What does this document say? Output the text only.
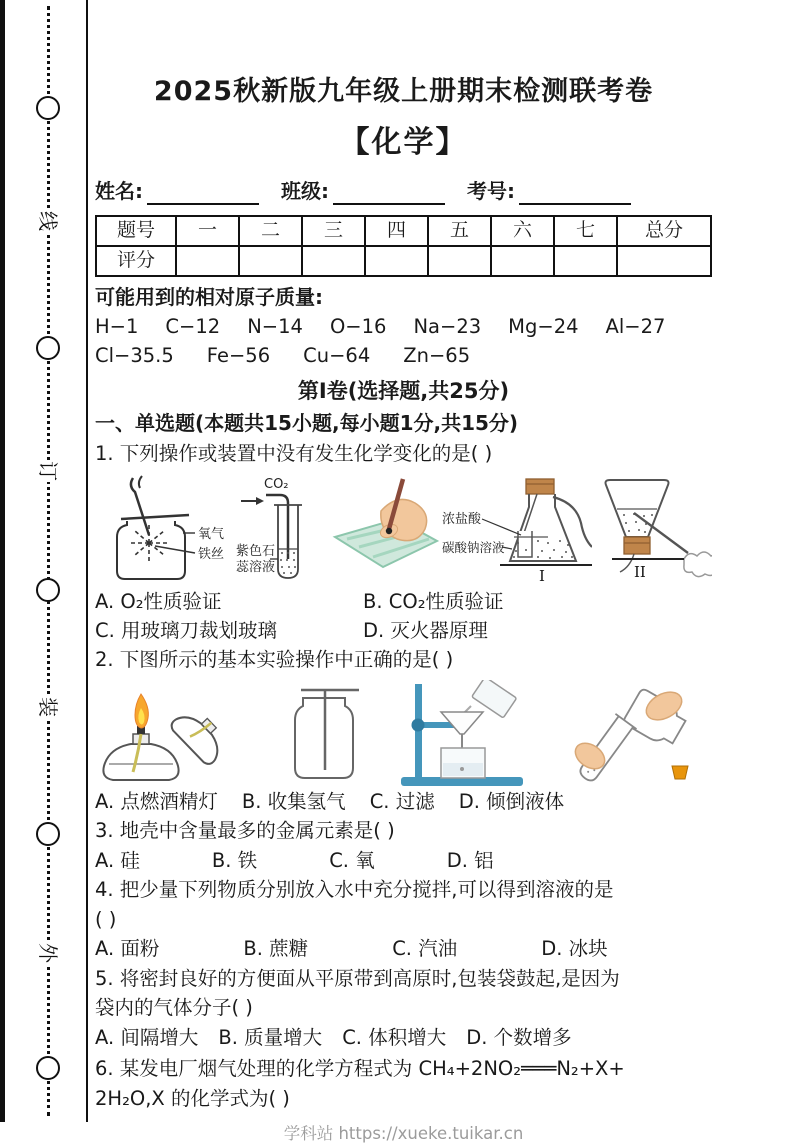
线
订
装
外
2025秋新版九年级上册期末检测联考卷
【化学】
姓名:	班级:	考号:
题号	一	二	三	四	五	六	七	总分
评分								
可能用到的相对原子质量:
H−1 C−12 N−14 O−16 Na−23 Mg−24 Al−27
Cl−35.5 Fe−56 Cu−64 Zn−65
第Ⅰ卷(选择题,共25分)
一、单选题(本题共15小题,每小题1分,共15分)
1. 下列操作或装置中没有发生化学变化的是( )
氧气
铁丝
CO₂
紫色石
蕊溶液
浓盐酸
碳酸钠溶液
I	II
A. O₂性质验证	B. CO₂性质验证
C. 用玻璃刀裁划玻璃	D. 灭火器原理
2. 下图所示的基本实验操作中正确的是( )
A. 点燃酒精灯 B. 收集氢气 C. 过滤 D. 倾倒液体
3. 地壳中含量最多的金属元素是( )
A. 硅	B. 铁	C. 氧	D. 铝
4. 把少量下列物质分别放入水中充分搅拌,可以得到溶液的是
( )
A. 面粉	B. 蔗糖	C. 汽油	D. 冰块
5. 将密封良好的方便面从平原带到高原时,包装袋鼓起,是因为
袋内的气体分子( )
A. 间隔增大 B. 质量增大 C. 体积增大 D. 个数增多
6. 某发电厂烟气处理的化学方程式为 CH₄+2NO₂═══N₂+X+
2H₂O,X 的化学式为( )
学科站 https://xueke.tuikar.cn
